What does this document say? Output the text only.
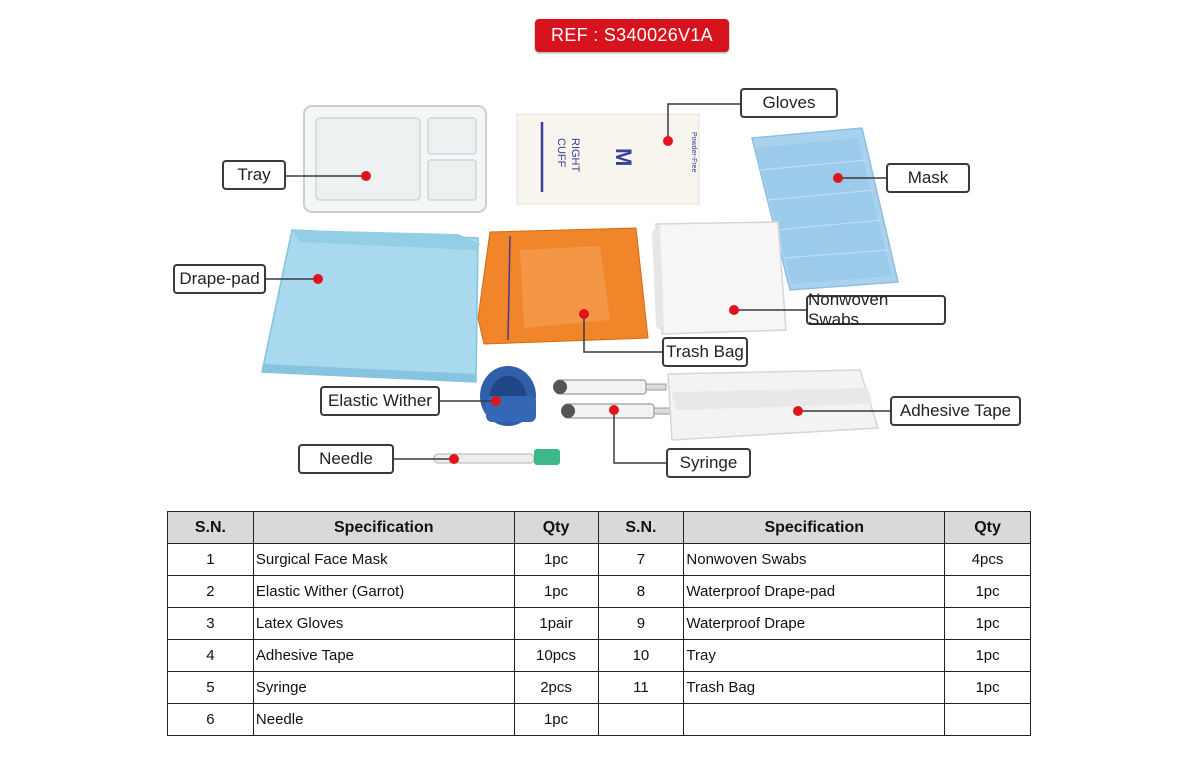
REF : S340026V1A
RIGHT
CUFF M	Powder-Free
Gloves
Tray	Mask
Drape-pad
Nonwoven Swabs
Trash Bag
Elastic Wither
Adhesive Tape
Needle	Syringe
S.N.	Specification	Qty	S.N.	Specification	Qty
1	Surgical Face Mask	1pc	7	Nonwoven Swabs	4pcs
2	Elastic Wither (Garrot)	1pc	8	Waterproof Drape-pad	1pc
3	Latex Gloves	1pair	9	Waterproof Drape	1pc
4	Adhesive Tape	10pcs	10	Tray	1pc
5	Syringe	2pcs	11	Trash Bag	1pc
6	Needle	1pc			
